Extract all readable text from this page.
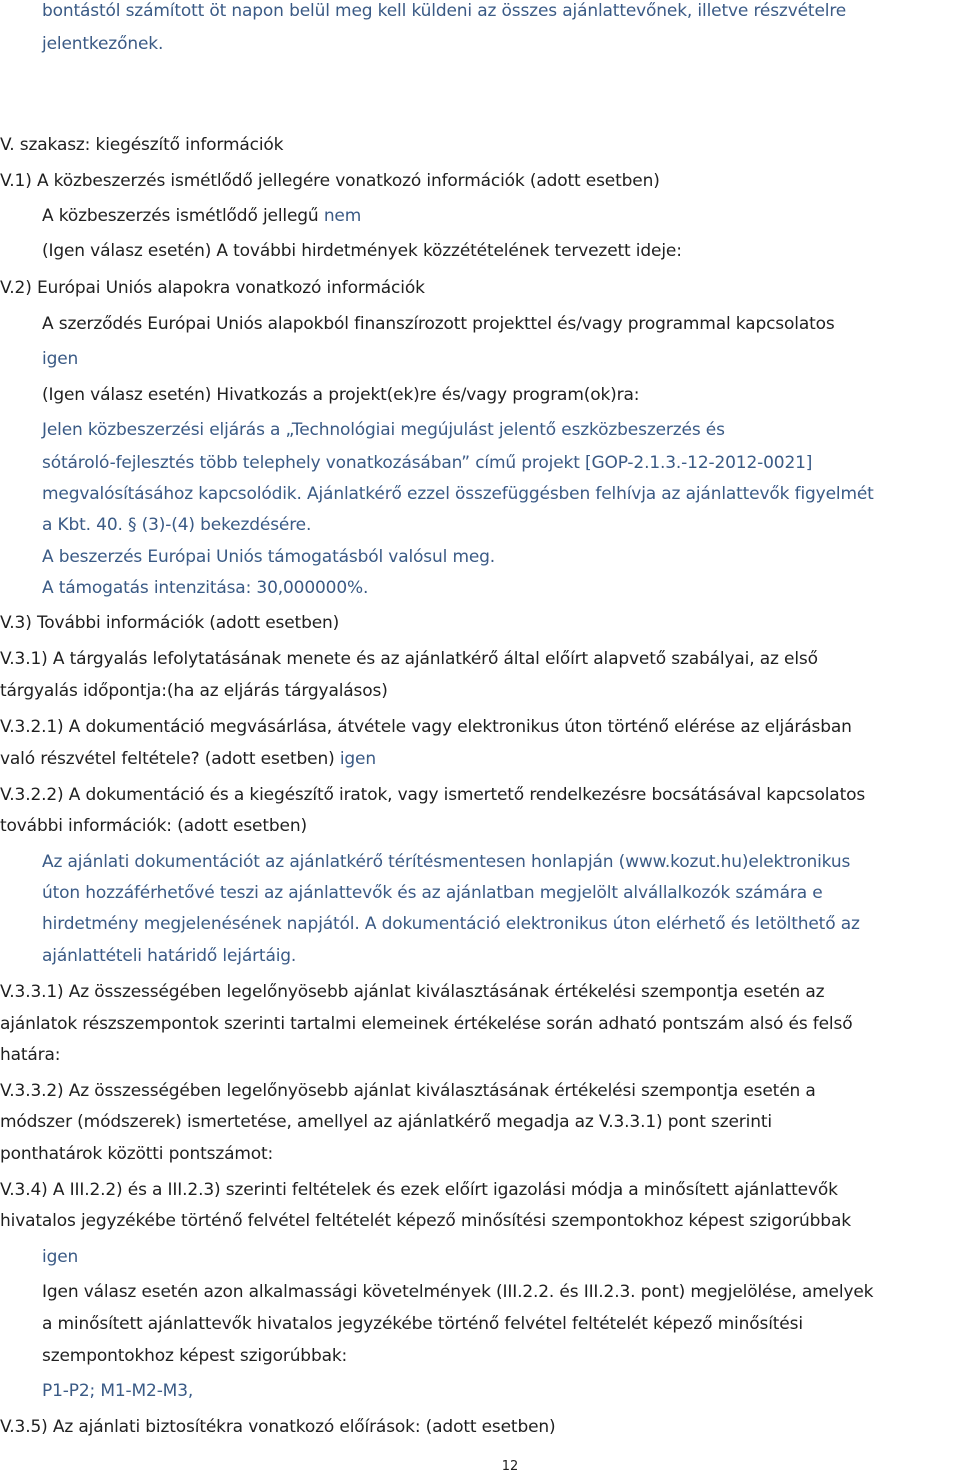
bontástól számított öt napon belül meg kell küldeni az összes ajánlattevőnek, illetve részvételre
jelentkezőnek.
V. szakasz: kiegészítő információk
V.1) A közbeszerzés ismétlődő jellegére vonatkozó információk (adott esetben)
A közbeszerzés ismétlődő jellegű nem
(Igen válasz esetén) A további hirdetmények közzétételének tervezett ideje:
V.2) Európai Uniós alapokra vonatkozó információk
A szerződés Európai Uniós alapokból finanszírozott projekttel és/vagy programmal kapcsolatos
igen
(Igen válasz esetén) Hivatkozás a projekt(ek)re és/vagy program(ok)ra:
Jelen közbeszerzési eljárás a „Technológiai megújulást jelentő eszközbeszerzés és
sótároló-fejlesztés több telephely vonatkozásában” című projekt [GOP-2.1.3.-12-2012-0021]
megvalósításához kapcsolódik. Ajánlatkérő ezzel összefüggésben felhívja az ajánlattevők figyelmét
a Kbt. 40. § (3)-(4) bekezdésére.
A beszerzés Európai Uniós támogatásból valósul meg.
A támogatás intenzitása: 30,000000%.
V.3) További információk (adott esetben)
V.3.1) A tárgyalás lefolytatásának menete és az ajánlatkérő által előírt alapvető szabályai, az első
tárgyalás időpontja:(ha az eljárás tárgyalásos)
V.3.2.1) A dokumentáció megvásárlása, átvétele vagy elektronikus úton történő elérése az eljárásban
való részvétel feltétele? (adott esetben) igen
V.3.2.2) A dokumentáció és a kiegészítő iratok, vagy ismertető rendelkezésre bocsátásával kapcsolatos
további információk: (adott esetben)
Az ajánlati dokumentációt az ajánlatkérő térítésmentesen honlapján (www.kozut.hu)elektronikus
úton hozzáférhetővé teszi az ajánlattevők és az ajánlatban megjelölt alvállalkozók számára e
hirdetmény megjelenésének napjától. A dokumentáció elektronikus úton elérhető és letölthető az
ajánlattételi határidő lejártáig.
V.3.3.1) Az összességében legelőnyösebb ajánlat kiválasztásának értékelési szempontja esetén az
ajánlatok részszempontok szerinti tartalmi elemeinek értékelése során adható pontszám alsó és felső
határa:
V.3.3.2) Az összességében legelőnyösebb ajánlat kiválasztásának értékelési szempontja esetén a
módszer (módszerek) ismertetése, amellyel az ajánlatkérő megadja az V.3.3.1) pont szerinti
ponthatárok közötti pontszámot:
V.3.4) A III.2.2) és a III.2.3) szerinti feltételek és ezek előírt igazolási módja a minősített ajánlattevők
hivatalos jegyzékébe történő felvétel feltételét képező minősítési szempontokhoz képest szigorúbbak
igen
Igen válasz esetén azon alkalmassági követelmények (III.2.2. és III.2.3. pont) megjelölése, amelyek
a minősített ajánlattevők hivatalos jegyzékébe történő felvétel feltételét képező minősítési
szempontokhoz képest szigorúbbak:
P1-P2; M1-M2-M3,
V.3.5) Az ajánlati biztosítékra vonatkozó előírások: (adott esetben)
12
